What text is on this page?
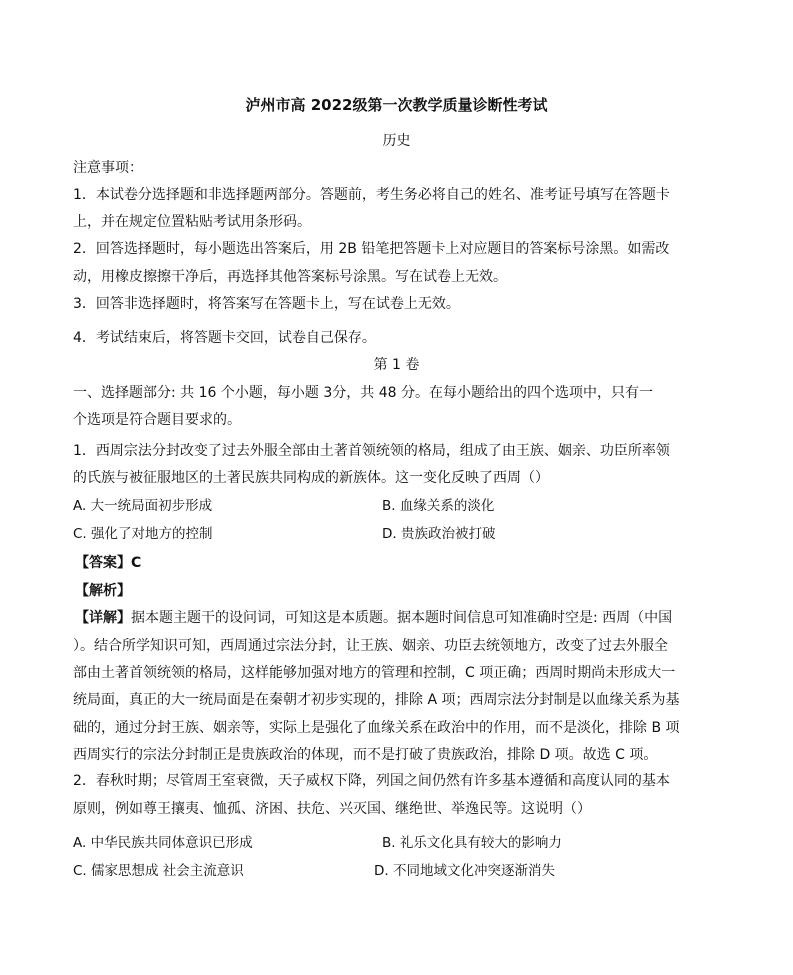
泸州市高 2022级第一次教学质量诊断性考试
历史
注意事项：
1．本试卷分选择题和非选择题两部分。答题前，考生务必将自己的姓名、准考证号填写在答题卡
上，并在规定位置粘贴考试用条形码。
2．回答选择题时，每小题选出答案后，用 2B 铅笔把答题卡上对应题目的答案标号涂黑。如需改
动，用橡皮擦擦干净后，再选择其他答案标号涂黑。写在试卷上无效。
3．回答非选择题时，将答案写在答题卡上，写在试卷上无效。
4．考试结束后，将答题卡交回，试卷自己保存。
第 1 卷
一、选择题部分: 共 16 个小题，每小题 3分，共 48 分。在每小题给出的四个选项中，只有一
个选项是符合题目要求的。
1．西周宗法分封改变了过去外服全部由土著首领统领的格局，组成了由王族、姻亲、功臣所率领
的氏族与被征服地区的土著民族共同构成的新族体。这一变化反映了西周（）
A. 大一统局面初步形成	B. 血缘关系的淡化
C. 强化了对地方的控制	D. 贵族政治被打破
【答案】C
【解析】
【详解】据本题主题干的设问词，可知这是本质题。据本题时间信息可知准确时空是: 西周（中国
）。结合所学知识可知，西周通过宗法分封，让王族、姻亲、功臣去统领地方，改变了过去外服全
部由土著首领统领的格局，这样能够加强对地方的管理和控制，C 项正确；西周时期尚未形成大一
统局面，真正的大一统局面是在秦朝才初步实现的，排除 A 项；西周宗法分封制是以血缘关系为基
础的，通过分封王族、姻亲等，实际上是强化了血缘关系在政治中的作用，而不是淡化，排除 B 项
西周实行的宗法分封制正是贵族政治的体现，而不是打破了贵族政治，排除 D 项。故选 C 项。
2．春秋时期；尽管周王室衰微，天子威权下降，列国之间仍然有许多基本遵循和高度认同的基本
原则，例如尊王攘夷、恤孤、济困、扶危、兴灭国、继绝世、举逸民等。这说明（）
A. 中华民族共同体意识已形成	B. 礼乐文化具有较大的影响力
C. 儒家思想成 社会主流意识	D. 不同地域文化冲突逐渐消失
